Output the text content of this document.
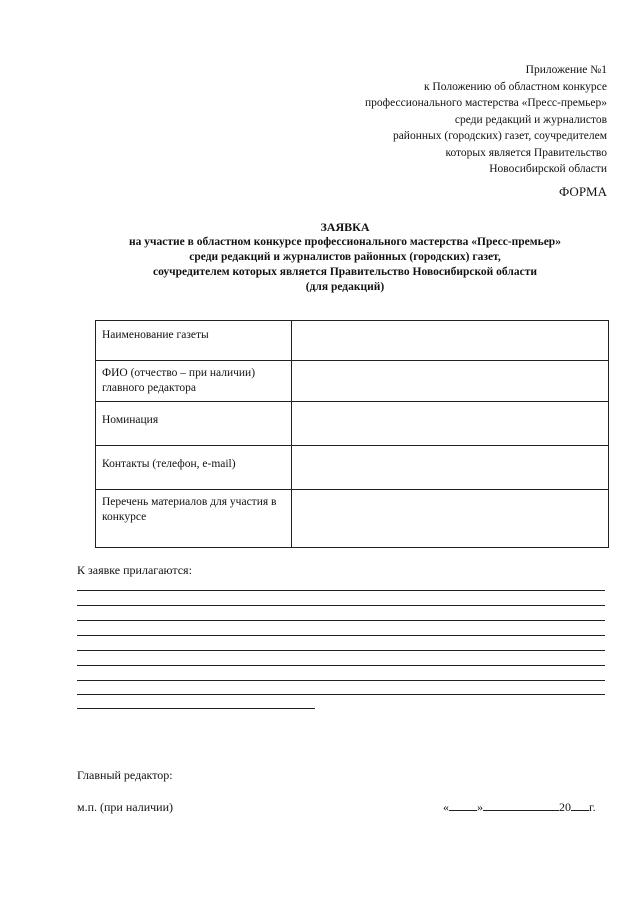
Приложение №1
к Положению об областном конкурсе
профессионального мастерства «Пресс-премьер»
среди редакций и журналистов
районных (городских) газет, соучредителем
которых является Правительство
Новосибирской области
ФОРМА
ЗАЯВКА
на участие в областном конкурсе профессионального мастерства «Пресс-премьер»
среди редакций и журналистов районных (городских) газет,
соучредителем которых является Правительство Новосибирской области
(для редакций)
Наименование газеты	
ФИО (отчество – при наличии) главного редактора	
Номинация	
Контакты (телефон, e-mail)	
Перечень материалов для участия в конкурсе	
К заявке прилагаются:
Главный редактор:
м.п. (при наличии)	« »	20 г.
